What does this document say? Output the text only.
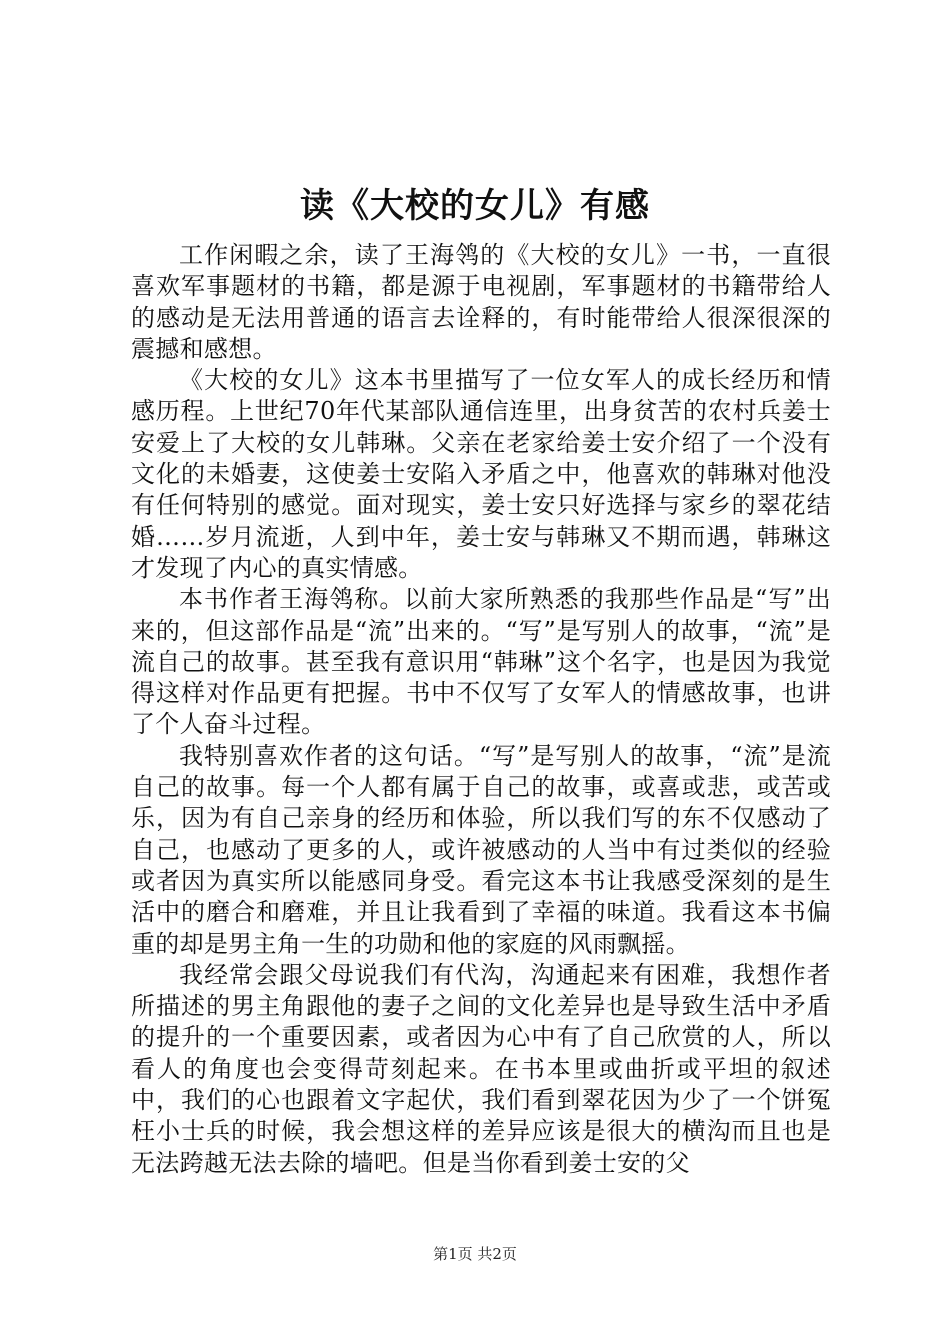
读《大校的女儿》有感

工作闲暇之余，读了王海鸰的《大校的女儿》一书，一直很喜欢军事题材的书籍，都是源于电视剧，军事题材的书籍带给人的感动是无法用普通的语言去诠释的，有时能带给人很深很深的震撼和感想。

《大校的女儿》这本书里描写了一位女军人的成长经历和情感历程。上世纪70年代某部队通信连里，出身贫苦的农村兵姜士安爱上了大校的女儿韩琳。父亲在老家给姜士安介绍了一个没有文化的未婚妻，这使姜士安陷入矛盾之中，他喜欢的韩琳对他没有任何特别的感觉。面对现实，姜士安只好选择与家乡的翠花结婚……岁月流逝，人到中年，姜士安与韩琳又不期而遇，韩琳这才发现了内心的真实情感。

本书作者王海鸰称。以前大家所熟悉的我那些作品是“写”出来的，但这部作品是“流”出来的。“写”是写别人的故事，“流”是流自己的故事。甚至我有意识用“韩琳”这个名字，也是因为我觉得这样对作品更有把握。书中不仅写了女军人的情感故事，也讲了个人奋斗过程。

我特别喜欢作者的这句话。“写”是写别人的故事，“流”是流自己的故事。每一个人都有属于自己的故事，或喜或悲，或苦或乐，因为有自己亲身的经历和体验，所以我们写的东不仅感动了自己，也感动了更多的人，或许被感动的人当中有过类似的经验或者因为真实所以能感同身受。看完这本书让我感受深刻的是生活中的磨合和磨难，并且让我看到了幸福的味道。我看这本书偏重的却是男主角一生的功勋和他的家庭的风雨飘摇。

我经常会跟父母说我们有代沟，沟通起来有困难，我想作者所描述的男主角跟他的妻子之间的文化差异也是导致生活中矛盾的提升的一个重要因素，或者因为心中有了自己欣赏的人，所以看人的角度也会变得苛刻起来。在书本里或曲折或平坦的叙述中，我们的心也跟着文字起伏，我们看到翠花因为少了一个饼冤枉小士兵的时候，我会想这样的差异应该是很大的横沟而且也是无法跨越无法去除的墙吧。但是当你看到姜士安的父

第1页 共2页
